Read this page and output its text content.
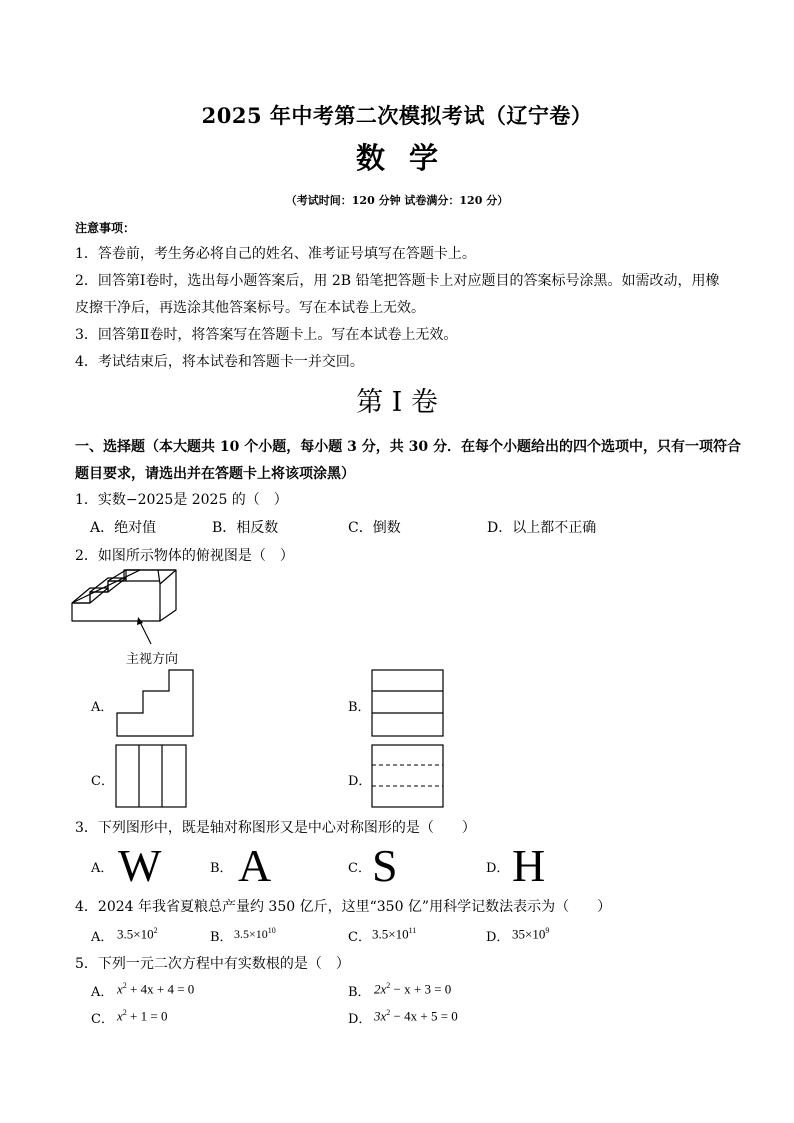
2025 年中考第二次模拟考试（辽宁卷）
数学
（考试时间：120 分钟 试卷满分：120 分）
注意事项：
1．答卷前，考生务必将自己的姓名、准考证号填写在答题卡上。
2．回答第Ⅰ卷时，选出每小题答案后，用 2B 铅笔把答题卡上对应题目的答案标号涂黑。如需改动，用橡
皮擦干净后，再选涂其他答案标号。写在本试卷上无效。
3．回答第Ⅱ卷时，将答案写在答题卡上。写在本试卷上无效。
4．考试结束后，将本试卷和答题卡一并交回。
第 I 卷
一、选择题（本大题共 10 个小题，每小题 3 分，共 30 分．在每个小题给出的四个选项中，只有一项符合
题目要求，请选出并在答题卡上将该项涂黑）
1．实数−2025是 2025 的（　）
A．绝对值	B．相反数	C．倒数	D．以上都不正确
2．如图所示物体的俯视图是（　）
主视方向
A．	B．
C．	D．
3．下列图形中，既是轴对称图形又是中心对称图形的是（　　）
A． W	B． A	C． S	D． H
4．2024 年我省夏粮总产量约 350 亿斤，这里“350 亿”用科学记数法表示为（　　）
A． $3.5\times 10^2$	B． $3.5\times 10^{10}$	C． $3.5\times 10^{11}$	D． $35\times 10^9$
5．下列一元二次方程中有实数根的是（　）
A． $x^2 + 4x + 4 = 0$	B． $2x^2 - x + 3 = 0$
C． $x^2 + 1 = 0$	D． $3x^2 - 4x + 5 = 0$
